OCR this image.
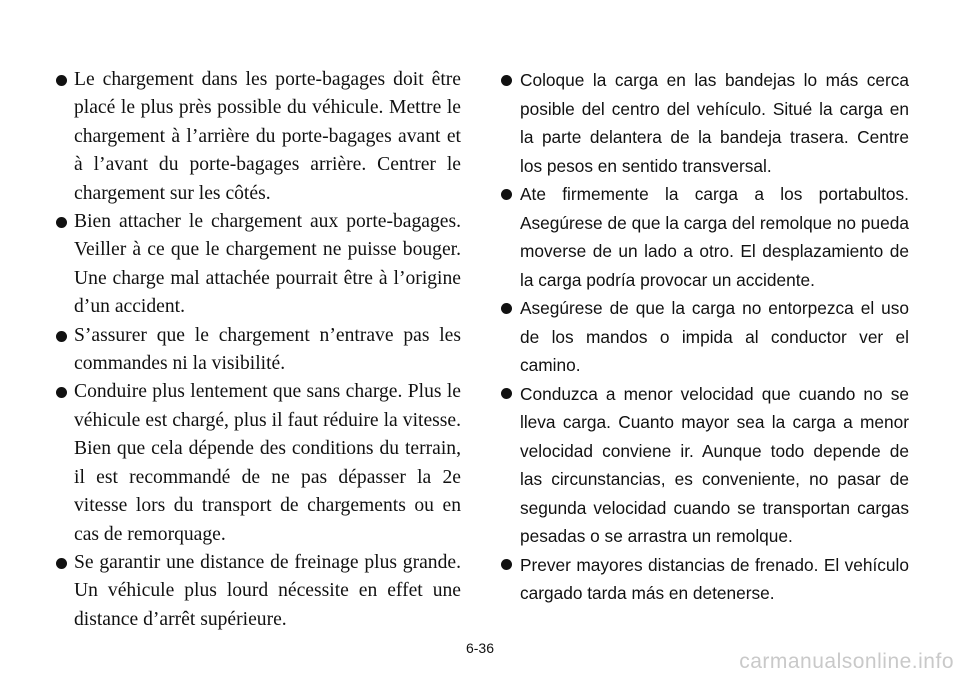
Le chargement dans les porte-bagages doit être placé le plus près possible du véhicule. Mettre le chargement à l’arrière du porte-bagages avant et à l’avant du porte-bagages arrière. Centrer le chargement sur les côtés.
Bien attacher le chargement aux porte-bagages. Veiller à ce que le chargement ne puisse bouger. Une charge mal attachée pourrait être à l’origine d’un accident.
S’assurer que le chargement n’entrave pas les commandes ni la visibilité.
Conduire plus lentement que sans charge. Plus le véhicule est chargé, plus il faut réduire la vitesse. Bien que cela dépende des conditions du terrain, il est recommandé de ne pas dépasser la 2e vitesse lors du transport de chargements ou en cas de remorquage.
Se garantir une distance de freinage plus grande. Un véhicule plus lourd nécessite en effet une distance d’arrêt supérieure.
Coloque la carga en las bandejas lo más cerca posible del centro del vehículo. Situé la carga en la parte delantera de la bandeja trasera. Centre los pesos en sentido transversal.
Ate firmemente la carga a los portabultos. Asegúrese de que la carga del remolque no pueda moverse de un lado a otro. El desplazamiento de la carga podría provocar un accidente.
Asegúrese de que la carga no entorpezca el uso de los mandos o impida al conductor ver el camino.
Conduzca a menor velocidad que cuando no se lleva carga. Cuanto mayor sea la carga a menor velocidad conviene ir. Aunque todo depende de las circunstancias, es conveniente, no pasar de segunda velocidad cuando se transportan cargas pesadas o se arrastra un remolque.
Prever mayores distancias de frenado. El vehículo cargado tarda más en detenerse.
6-36
carmanualsonline.info
